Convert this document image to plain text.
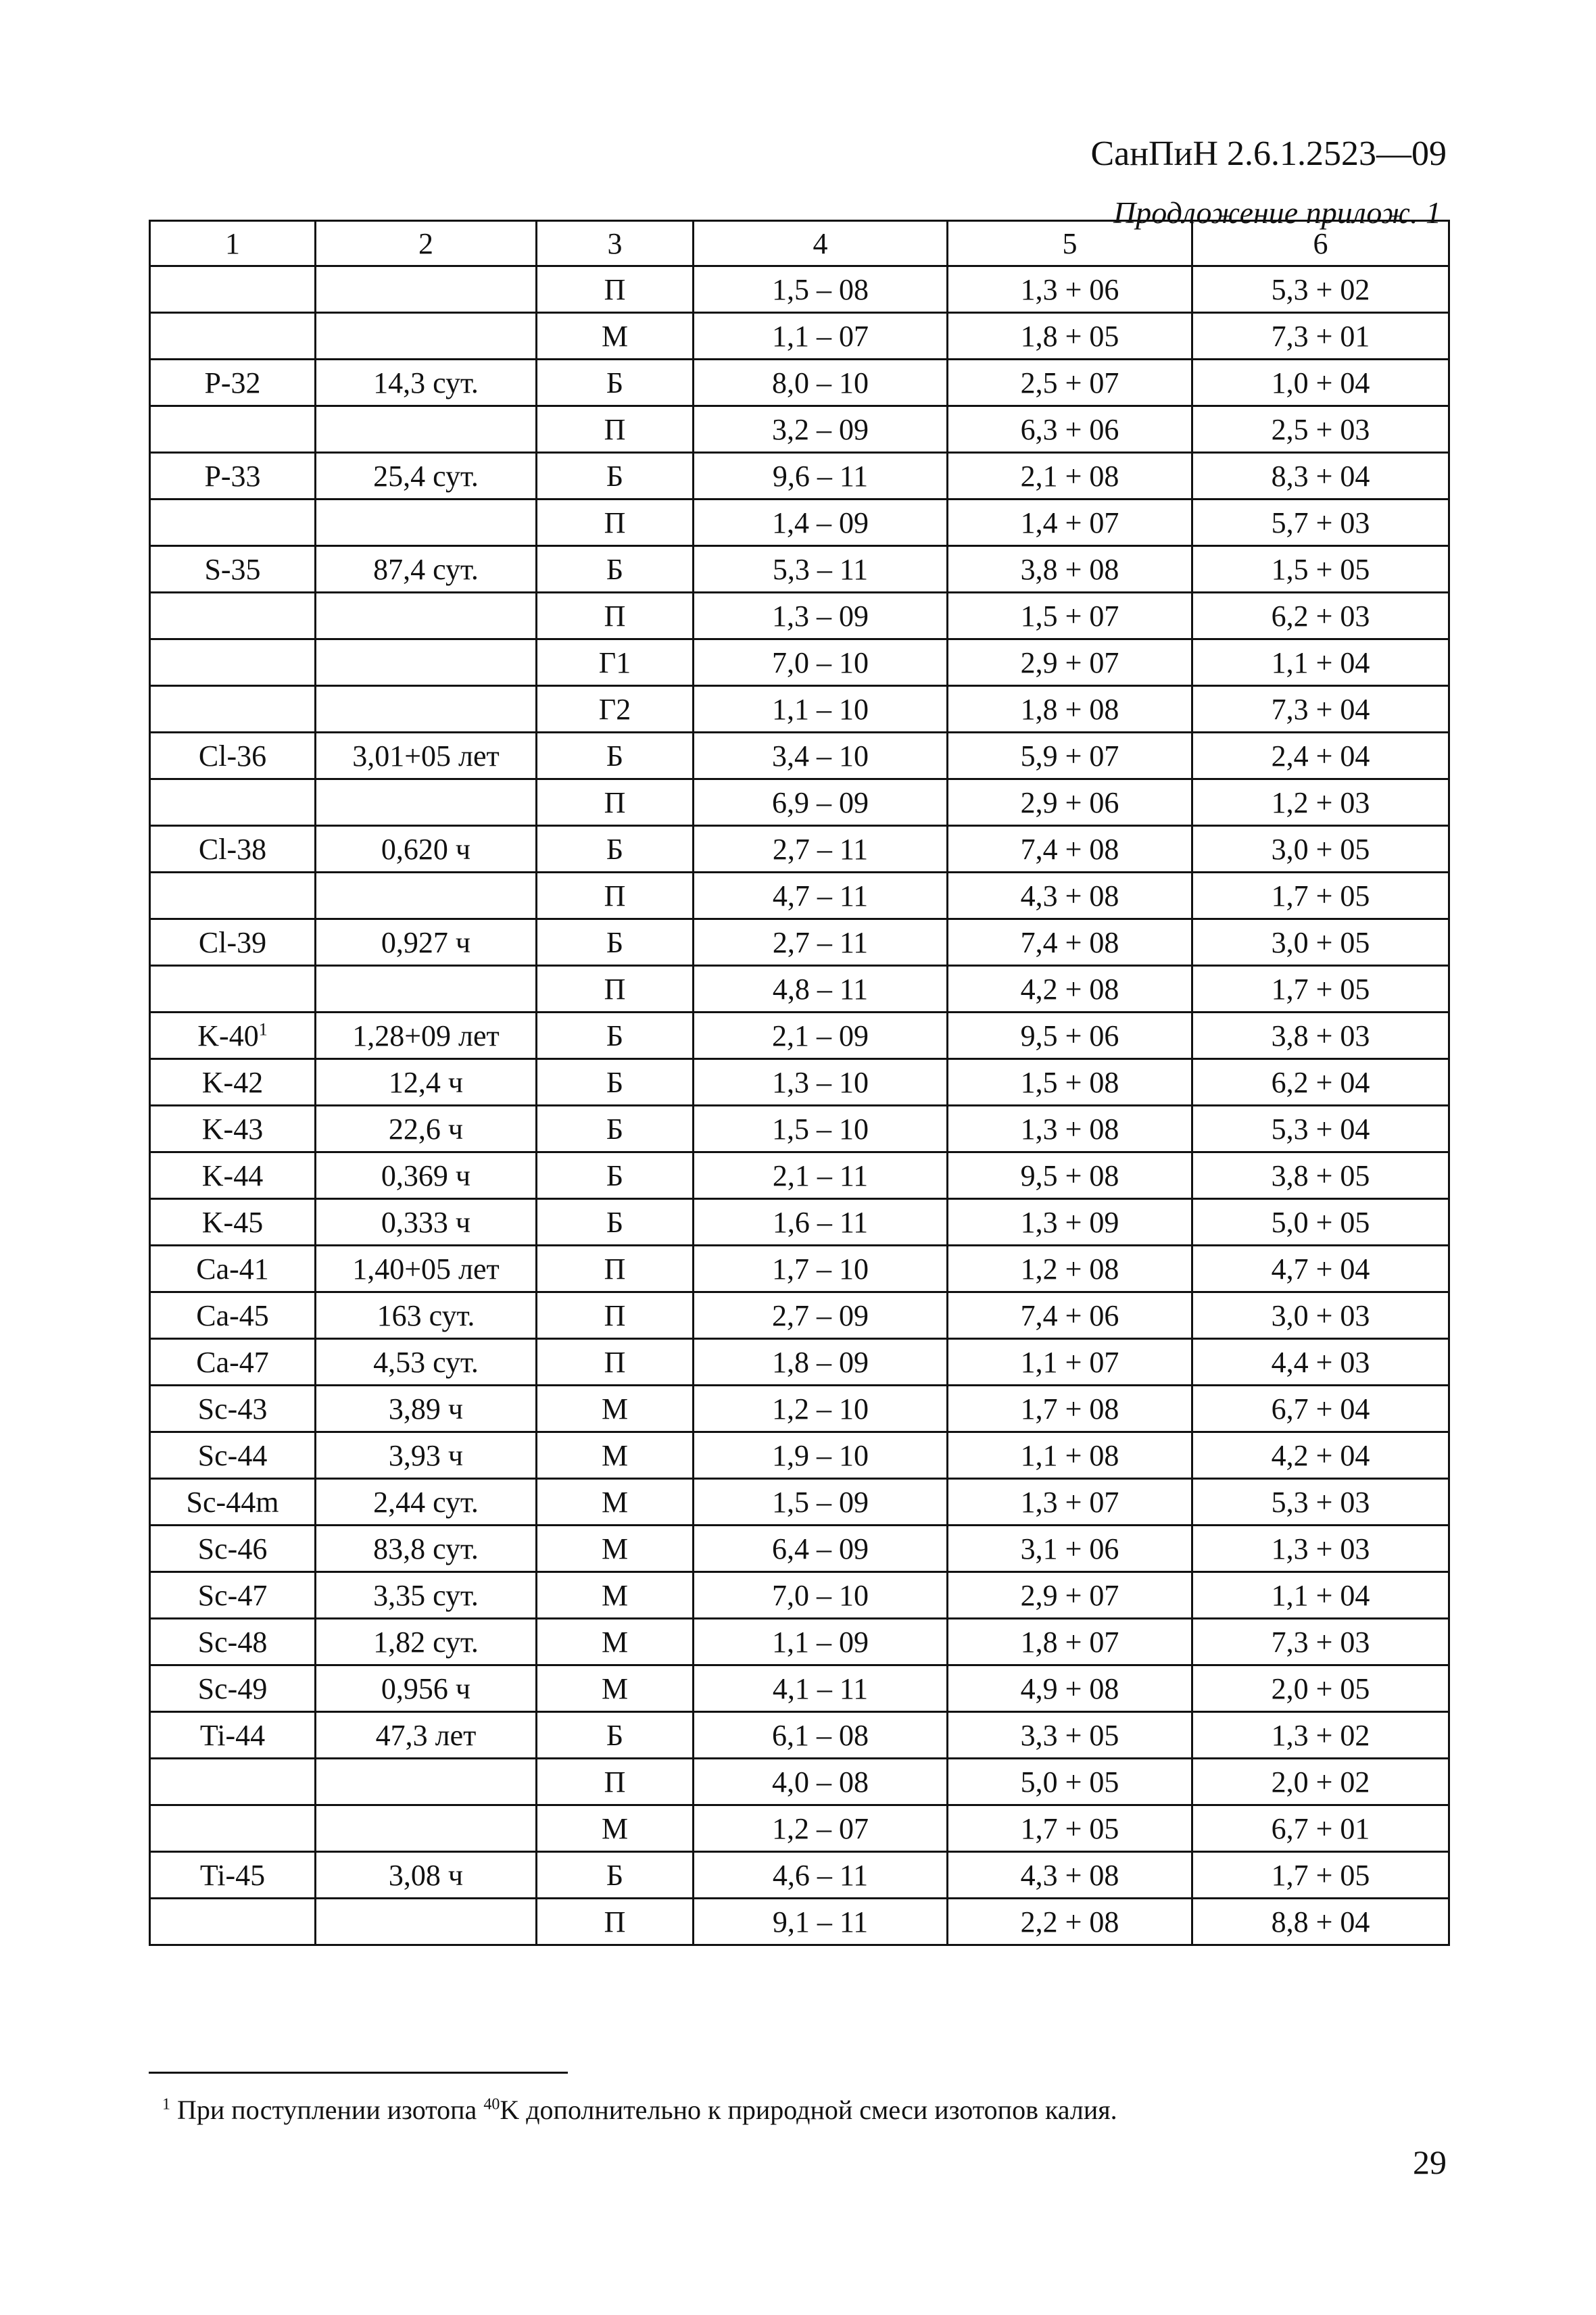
СанПиН 2.6.1.2523—09
Продложение прилож. 1
1	2	3	4	5	6
		П	1,5 – 08	1,3 + 06	5,3 + 02
		М	1,1 – 07	1,8 + 05	7,3 + 01
P-32	14,3 сут.	Б	8,0 – 10	2,5 + 07	1,0 + 04
		П	3,2 – 09	6,3 + 06	2,5 + 03
P-33	25,4 сут.	Б	9,6 – 11	2,1 + 08	8,3 + 04
		П	1,4 – 09	1,4 + 07	5,7 + 03
S-35	87,4 сут.	Б	5,3 – 11	3,8 + 08	1,5 + 05
		П	1,3 – 09	1,5 + 07	6,2 + 03
		Г1	7,0 – 10	2,9 + 07	1,1 + 04
		Г2	1,1 – 10	1,8 + 08	7,3 + 04
Cl-36	3,01+05 лет	Б	3,4 – 10	5,9 + 07	2,4 + 04
		П	6,9 – 09	2,9 + 06	1,2 + 03
Cl-38	0,620 ч	Б	2,7 – 11	7,4 + 08	3,0 + 05
		П	4,7 – 11	4,3 + 08	1,7 + 05
Cl-39	0,927 ч	Б	2,7 – 11	7,4 + 08	3,0 + 05
		П	4,8 – 11	4,2 + 08	1,7 + 05
$K-40^1$	1,28+09 лет	Б	2,1 – 09	9,5 + 06	3,8 + 03
K-42	12,4 ч	Б	1,3 – 10	1,5 + 08	6,2 + 04
K-43	22,6 ч	Б	1,5 – 10	1,3 + 08	5,3 + 04
K-44	0,369 ч	Б	2,1 – 11	9,5 + 08	3,8 + 05
K-45	0,333 ч	Б	1,6 – 11	1,3 + 09	5,0 + 05
Ca-41	1,40+05 лет	П	1,7 – 10	1,2 + 08	4,7 + 04
Ca-45	163 сут.	П	2,7 – 09	7,4 + 06	3,0 + 03
Ca-47	4,53 сут.	П	1,8 – 09	1,1 + 07	4,4 + 03
Sc-43	3,89 ч	М	1,2 – 10	1,7 + 08	6,7 + 04
Sc-44	3,93 ч	М	1,9 – 10	1,1 + 08	4,2 + 04
Sc-44m	2,44 сут.	М	1,5 – 09	1,3 + 07	5,3 + 03
Sc-46	83,8 сут.	М	6,4 – 09	3,1 + 06	1,3 + 03
Sc-47	3,35 сут.	М	7,0 – 10	2,9 + 07	1,1 + 04
Sc-48	1,82 сут.	М	1,1 – 09	1,8 + 07	7,3 + 03
Sc-49	0,956 ч	М	4,1 – 11	4,9 + 08	2,0 + 05
Ti-44	47,3 лет	Б	6,1 – 08	3,3 + 05	1,3 + 02
		П	4,0 – 08	5,0 + 05	2,0 + 02
		М	1,2 – 07	1,7 + 05	6,7 + 01
Ti-45	3,08 ч	Б	4,6 – 11	4,3 + 08	1,7 + 05
		П	9,1 – 11	2,2 + 08	8,8 + 04
$^1$ При поступлении изотопа $^{40}$K дополнительно к природной смеси изотопов калия.
29
